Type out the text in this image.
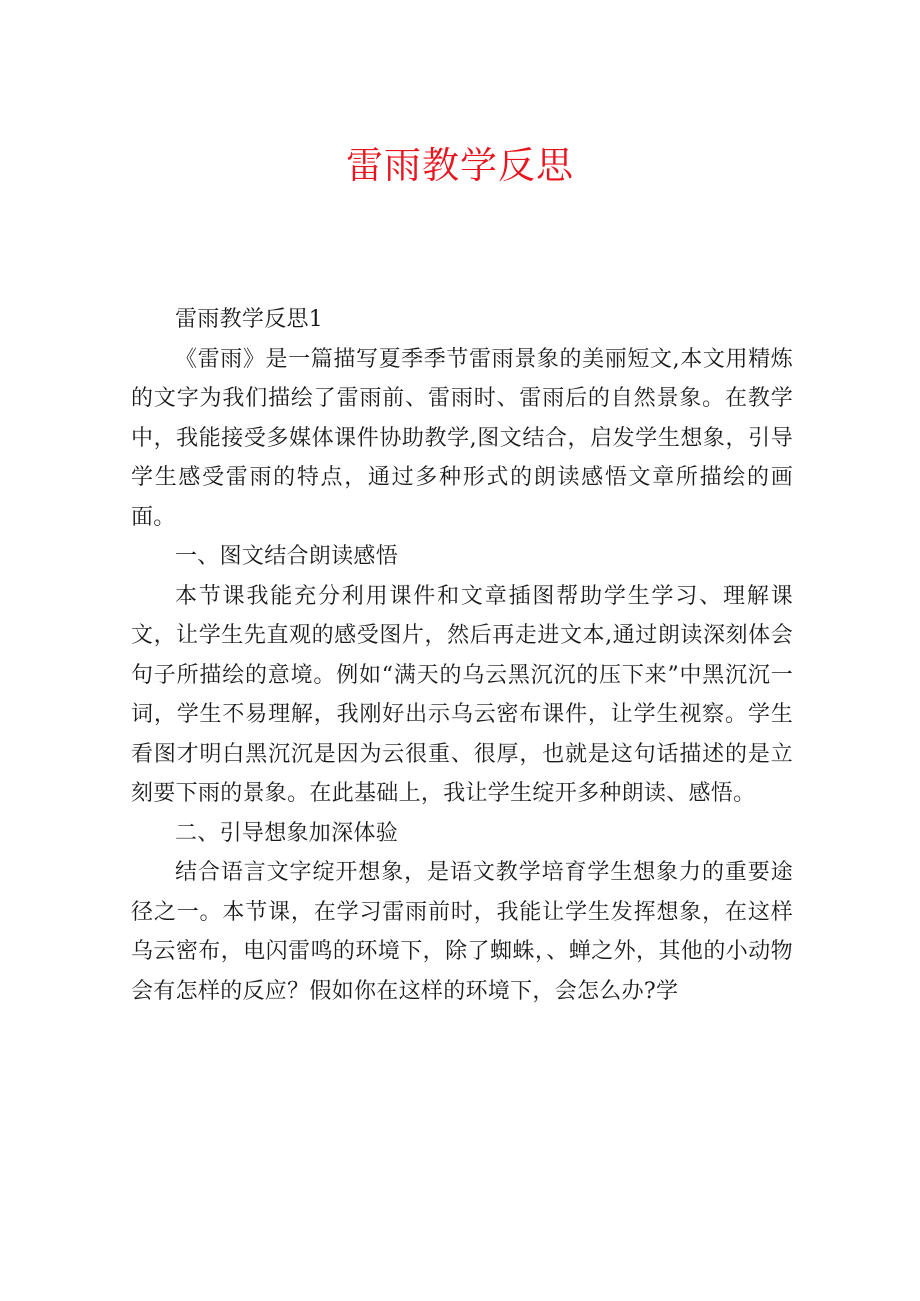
雷雨教学反思

雷雨教学反思1

《雷雨》是一篇描写夏季季节雷雨景象的美丽短文,本文用精炼的文字为我们描绘了雷雨前、雷雨时、雷雨后的自然景象。在教学中，我能接受多媒体课件协助教学,图文结合，启发学生想象，引导学生感受雷雨的特点，通过多种形式的朗读感悟文章所描绘的画面。

一、图文结合朗读感悟

本节课我能充分利用课件和文章插图帮助学生学习、理解课文，让学生先直观的感受图片，然后再走进文本,通过朗读深刻体会句子所描绘的意境。例如“满天的乌云黑沉沉的压下来”中黑沉沉一词，学生不易理解，我刚好出示乌云密布课件，让学生视察。学生看图才明白黑沉沉是因为云很重、很厚，也就是这句话描述的是立刻要下雨的景象。在此基础上，我让学生绽开多种朗读、感悟。

二、引导想象加深体验

结合语言文字绽开想象，是语文教学培育学生想象力的重要途径之一。本节课，在学习雷雨前时，我能让学生发挥想象，在这样乌云密布，电闪雷鸣的环境下，除了蜘蛛，、蝉之外，其他的小动物会有怎样的反应？假如你在这样的环境下，会怎么办?学
